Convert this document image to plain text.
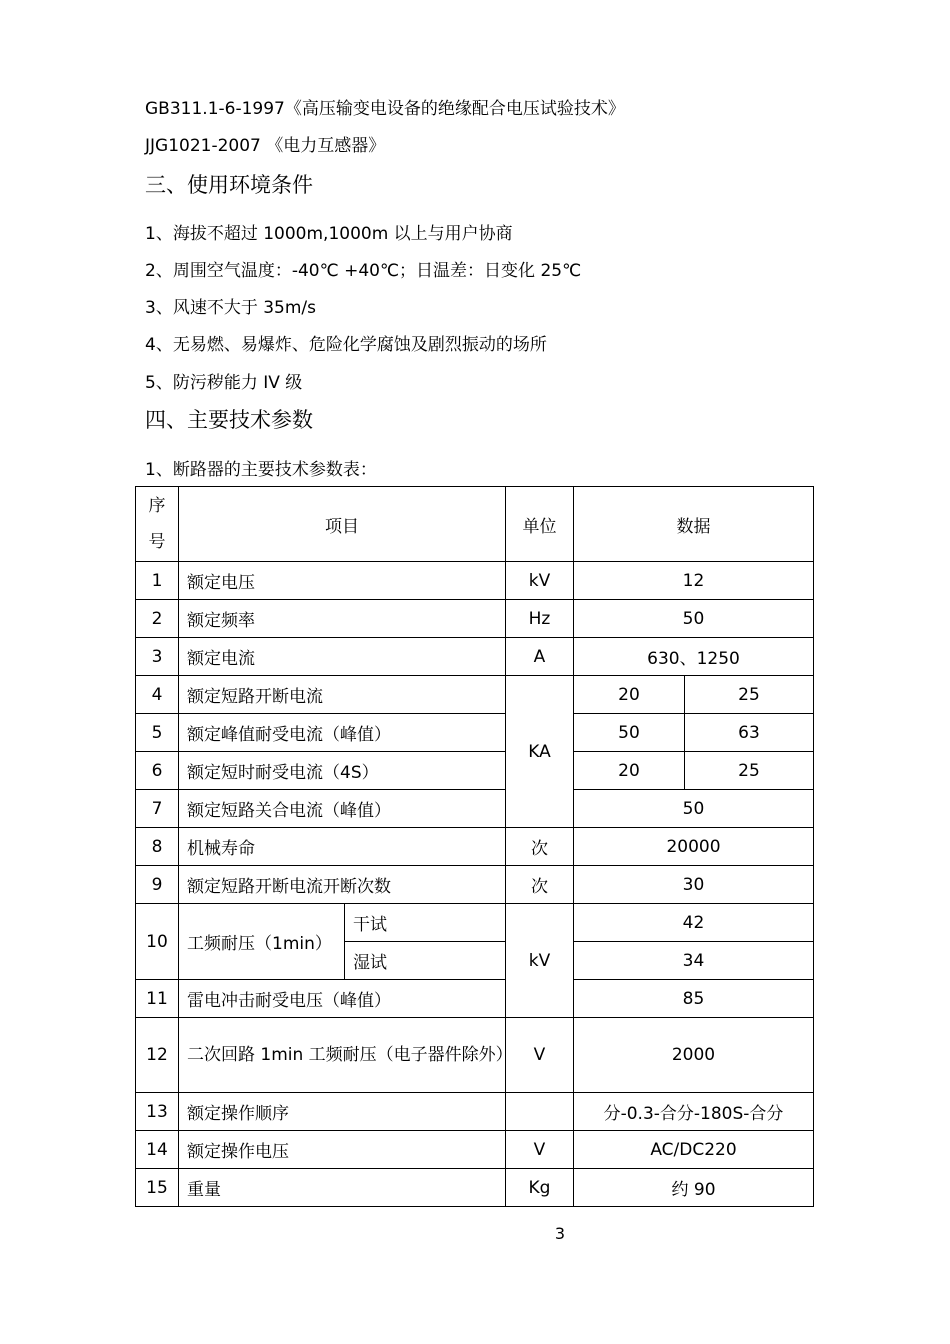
GB311.1-6-1997《高压输变电设备的绝缘配合电压试验技术》
JJG1021-2007 《电力互感器》
三、使用环境条件
1、海拔不超过 1000m,1000m 以上与用户协商
2、周围空气温度：-40℃ +40℃；日温差：日变化 25℃
3、风速不大于 35m/s
4、无易燃、易爆炸、危险化学腐蚀及剧烈振动的场所
5、防污秽能力 IV 级
四、主要技术参数
1、断路器的主要技术参数表：
序号	项目		单位	数据	
1	额定电压		kV	12	
2	额定频率		Hz	50	
3	额定电流		A	630、1250	
4	额定短路开断电流		KA	20	25
5	额定峰值耐受电流（峰值）			50	63
6	额定短时耐受电流（4S）			20	25
7	额定短路关合电流（峰值）			50	
8	机械寿命		次	20000	
9	额定短路开断电流开断次数		次	30	
10	工频耐压（1min）	干试	kV	42	
		湿试		34	
11	雷电冲击耐受电压（峰值）			85	
12	二次回路 1min 工频耐压（电子器件除外）		V	2000	
13	额定操作顺序			分-0.3-合分-180S-合分	
14	额定操作电压		V	AC/DC220	
15	重量		Kg	约 90	
3
